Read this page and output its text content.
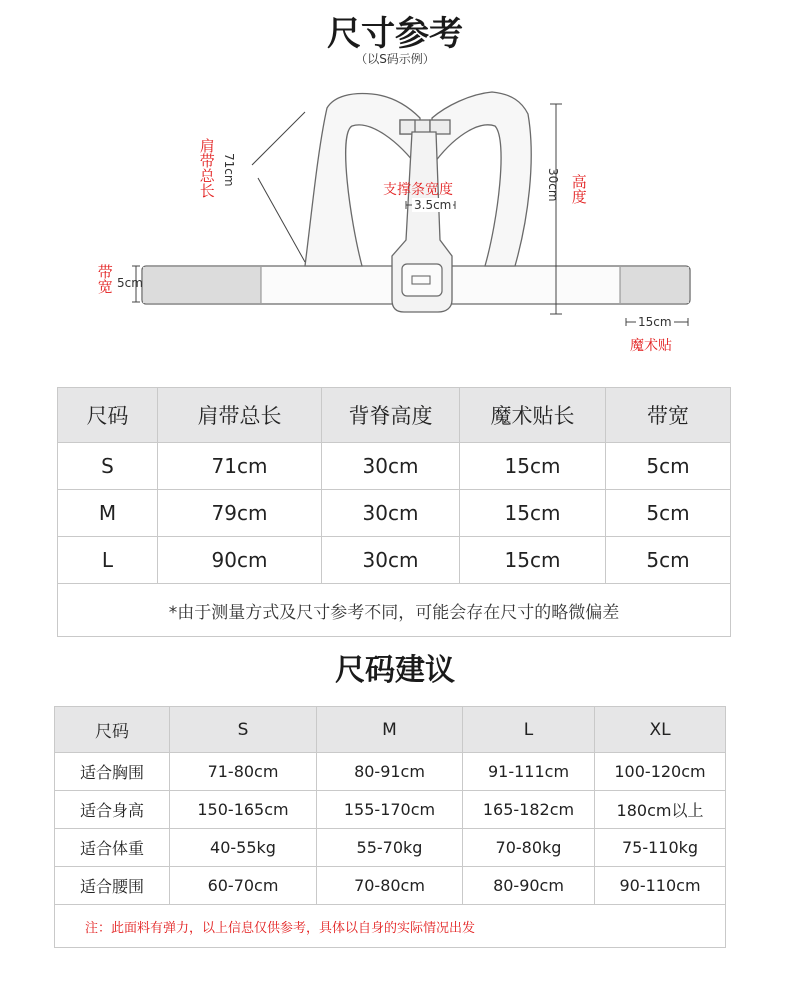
尺寸参考
（以S码示例）
肩带总长 71cm
支撑条宽度
3.5cm
30cm 高度
带宽 5cm
15cm
魔术贴
尺码	肩带总长	背脊高度	魔术贴长	带宽
S	71cm	30cm	15cm	5cm
M	79cm	30cm	15cm	5cm
L	90cm	30cm	15cm	5cm
*由于测量方式及尺寸参考不同，可能会存在尺寸的略微偏差				
尺码建议
尺码	S	M	L	XL
适合胸围	71-80cm	80-91cm	91-111cm	100-120cm
适合身高	150-165cm	155-170cm	165-182cm	180cm以上
适合体重	40-55kg	55-70kg	70-80kg	75-110kg
适合腰围	60-70cm	70-80cm	80-90cm	90-110cm
注：此面料有弹力，以上信息仅供参考，具体以自身的实际情况出发				
